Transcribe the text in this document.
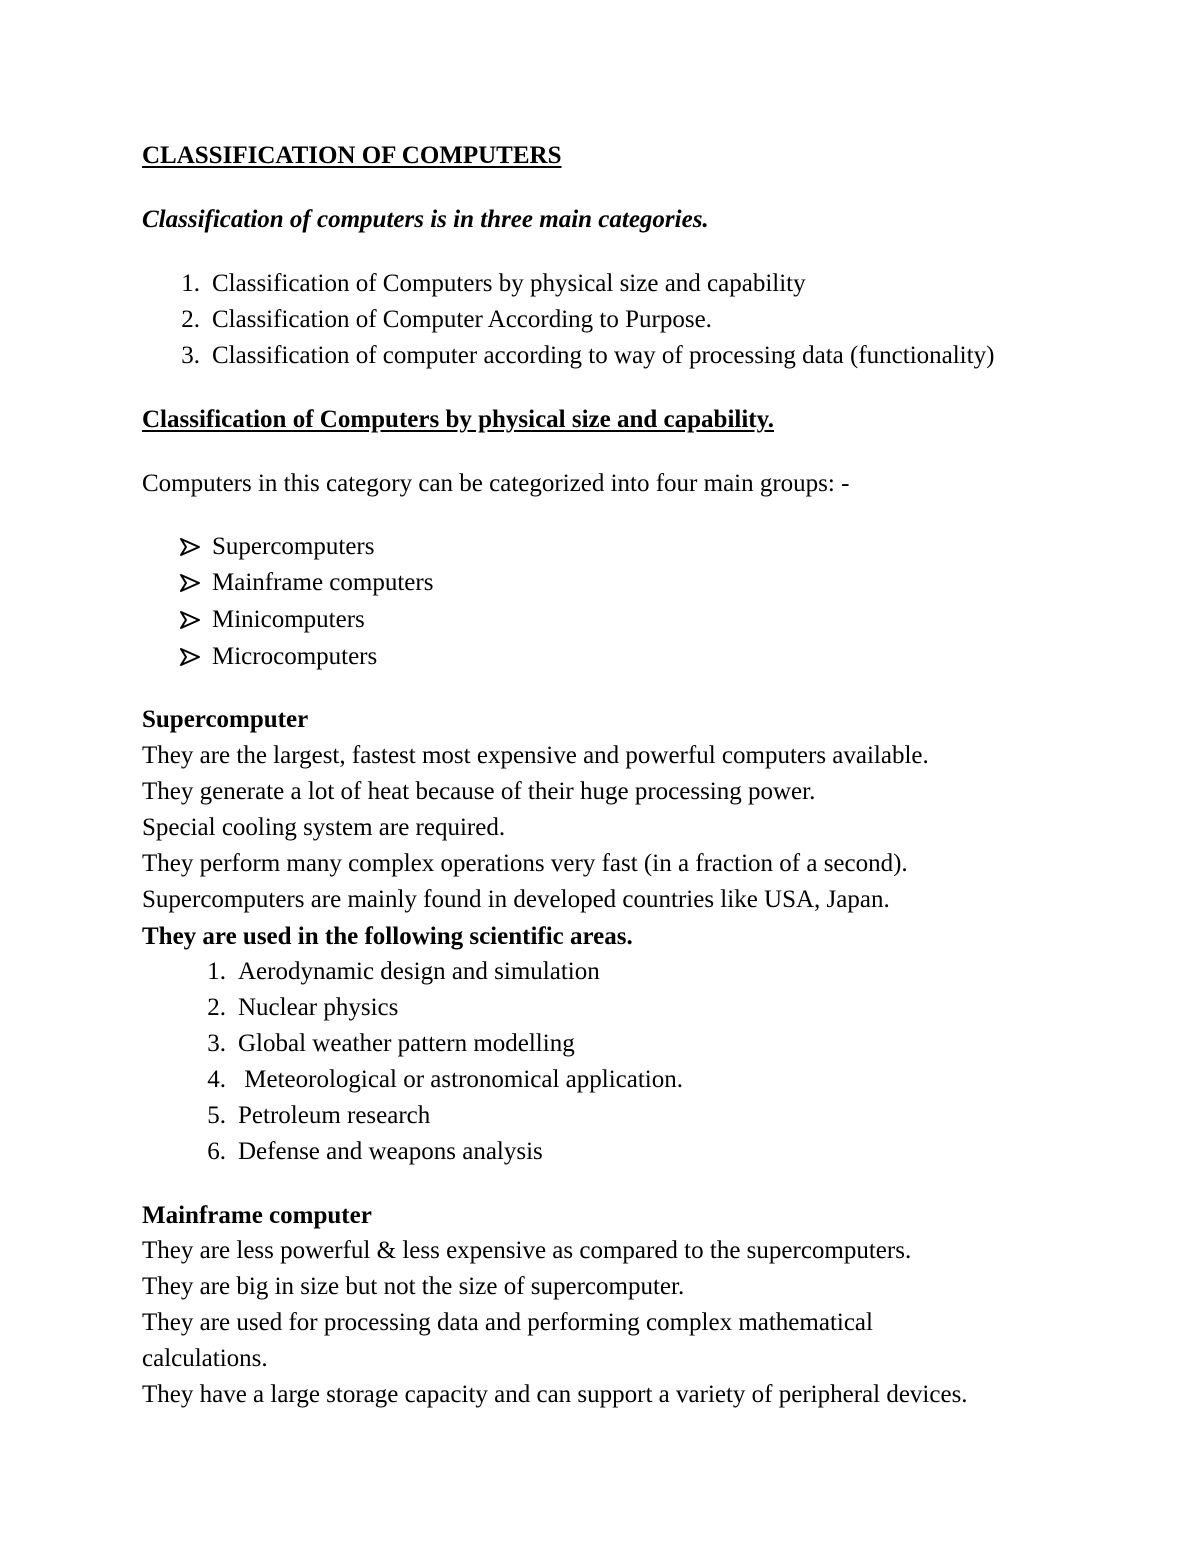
CLASSIFICATION OF COMPUTERS
Classification of computers is in three main categories.
1. Classification of Computers by physical size and capability
2. Classification of Computer According to Purpose.
3. Classification of computer according to way of processing data (functionality)
Classification of Computers by physical size and capability.
Computers in this category can be categorized into four main groups: -
Supercomputers
Mainframe computers
Minicomputers
Microcomputers
Supercomputer
They are the largest, fastest most expensive and powerful computers available.
They generate a lot of heat because of their huge processing power.
Special cooling system are required.
They perform many complex operations very fast (in a fraction of a second).
Supercomputers are mainly found in developed countries like USA, Japan.
They are used in the following scientific areas.
1. Aerodynamic design and simulation
2. Nuclear physics
3. Global weather pattern modelling
4. Meteorological or astronomical application.
5. Petroleum research
6. Defense and weapons analysis
Mainframe computer
They are less powerful & less expensive as compared to the supercomputers.
They are big in size but not the size of supercomputer.
They are used for processing data and performing complex mathematical
calculations.
They have a large storage capacity and can support a variety of peripheral devices.
